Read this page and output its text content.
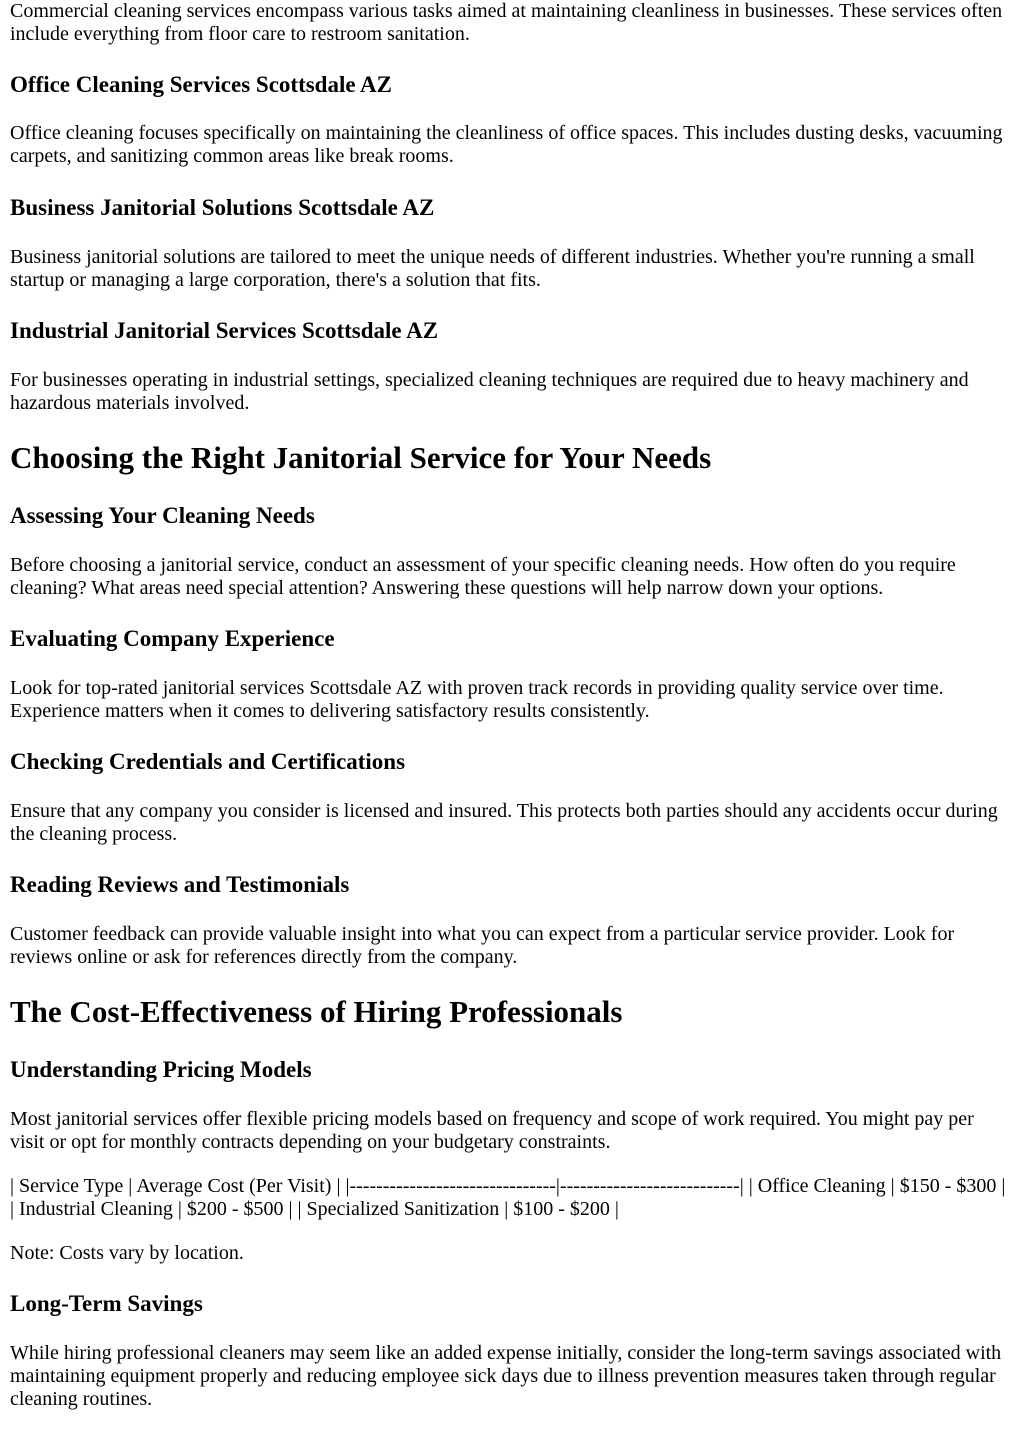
Commercial cleaning services encompass various tasks aimed at maintaining cleanliness in businesses. These services often include everything from floor care to restroom sanitation.

Office Cleaning Services Scottsdale AZ

Office cleaning focuses specifically on maintaining the cleanliness of office spaces. This includes dusting desks, vacuuming carpets, and sanitizing common areas like break rooms.

Business Janitorial Solutions Scottsdale AZ

Business janitorial solutions are tailored to meet the unique needs of different industries. Whether you're running a small startup or managing a large corporation, there's a solution that fits.

Industrial Janitorial Services Scottsdale AZ

For businesses operating in industrial settings, specialized cleaning techniques are required due to heavy machinery and hazardous materials involved.

Choosing the Right Janitorial Service for Your Needs
Assessing Your Cleaning Needs

Before choosing a janitorial service, conduct an assessment of your specific cleaning needs. How often do you require cleaning? What areas need special attention? Answering these questions will help narrow down your options.

Evaluating Company Experience

Look for top-rated janitorial services Scottsdale AZ with proven track records in providing quality service over time. Experience matters when it comes to delivering satisfactory results consistently.

Checking Credentials and Certifications

Ensure that any company you consider is licensed and insured. This protects both parties should any accidents occur during the cleaning process.

Reading Reviews and Testimonials

Customer feedback can provide valuable insight into what you can expect from a particular service provider. Look for reviews online or ask for references directly from the company.

The Cost-Effectiveness of Hiring Professionals
Understanding Pricing Models

Most janitorial services offer flexible pricing models based on frequency and scope of work required. You might pay per visit or opt for monthly contracts depending on your budgetary constraints.

| Service Type | Average Cost (Per Visit) | |-------------------------------|---------------------------| | Office Cleaning | $150 - $300 | | Industrial Cleaning | $200 - $500 | | Specialized Sanitization | $100 - $200 |

Note: Costs vary by location.

Long-Term Savings

While hiring professional cleaners may seem like an added expense initially, consider the long-term savings associated with maintaining equipment properly and reducing employee sick days due to illness prevention measures taken through regular cleaning routines.
